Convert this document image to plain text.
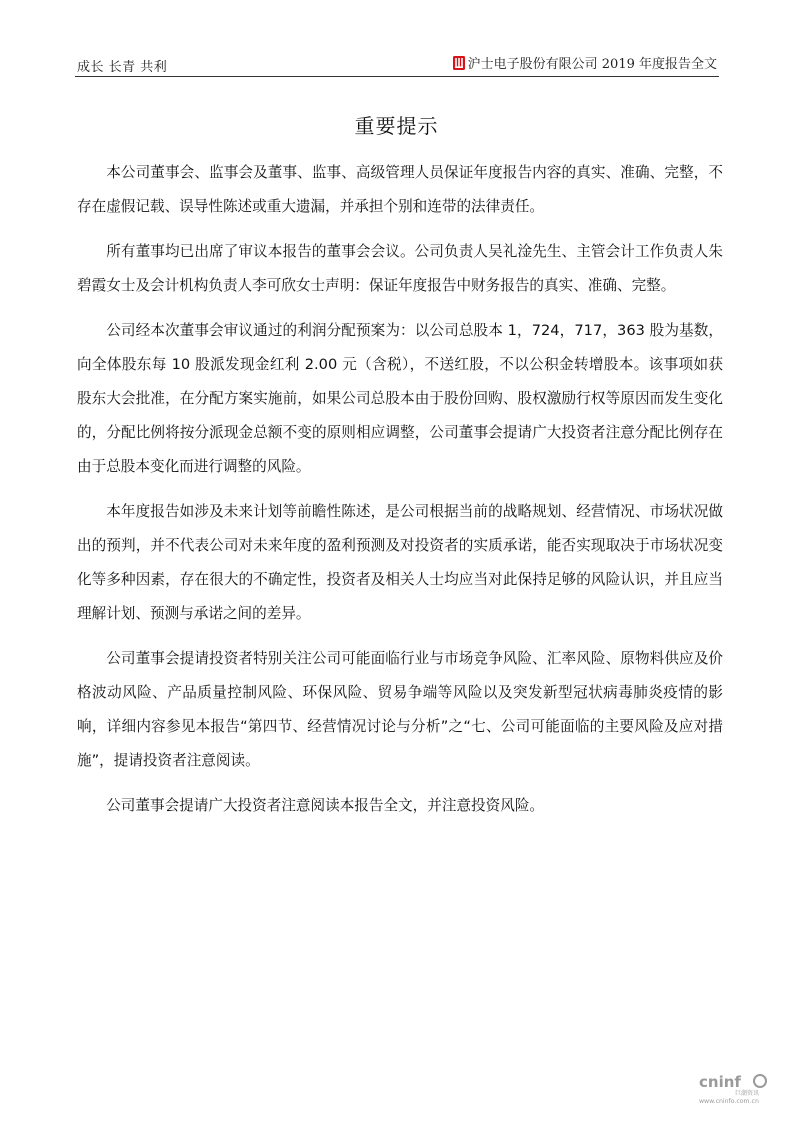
成长 长青 共利	沪士电子股份有限公司 2019 年度报告全文
重要提示

本公司董事会、监事会及董事、监事、高级管理人员保证年度报告内容的真实、准确、完整，不存在虚假记载、误导性陈述或重大遗漏，并承担个别和连带的法律责任。

所有董事均已出席了审议本报告的董事会会议。公司负责人吴礼淦先生、主管会计工作负责人朱碧霞女士及会计机构负责人李可欣女士声明：保证年度报告中财务报告的真实、准确、完整。

公司经本次董事会审议通过的利润分配预案为：以公司总股本 1，724，717，363 股为基数，向全体股东每 10 股派发现金红利 2.00 元（含税），不送红股，不以公积金转增股本。该事项如获股东大会批准，在分配方案实施前，如果公司总股本由于股份回购、股权激励行权等原因而发生变化的，分配比例将按分派现金总额不变的原则相应调整，公司董事会提请广大投资者注意分配比例存在由于总股本变化而进行调整的风险。

本年度报告如涉及未来计划等前瞻性陈述，是公司根据当前的战略规划、经营情况、市场状况做出的预判，并不代表公司对未来年度的盈利预测及对投资者的实质承诺，能否实现取决于市场状况变化等多种因素，存在很大的不确定性，投资者及相关人士均应当对此保持足够的风险认识，并且应当理解计划、预测与承诺之间的差异。

公司董事会提请投资者特别关注公司可能面临行业与市场竞争风险、汇率风险、原物料供应及价格波动风险、产品质量控制风险、环保风险、贸易争端等风险以及突发新型冠状病毒肺炎疫情的影响，详细内容参见本报告“第四节、经营情况讨论与分析”之“七、公司可能面临的主要风险及应对措施”，提请投资者注意阅读。

公司董事会提请广大投资者注意阅读本报告全文，并注意投资风险。

cninf
巨潮资讯
www.cninfo.com.cn
